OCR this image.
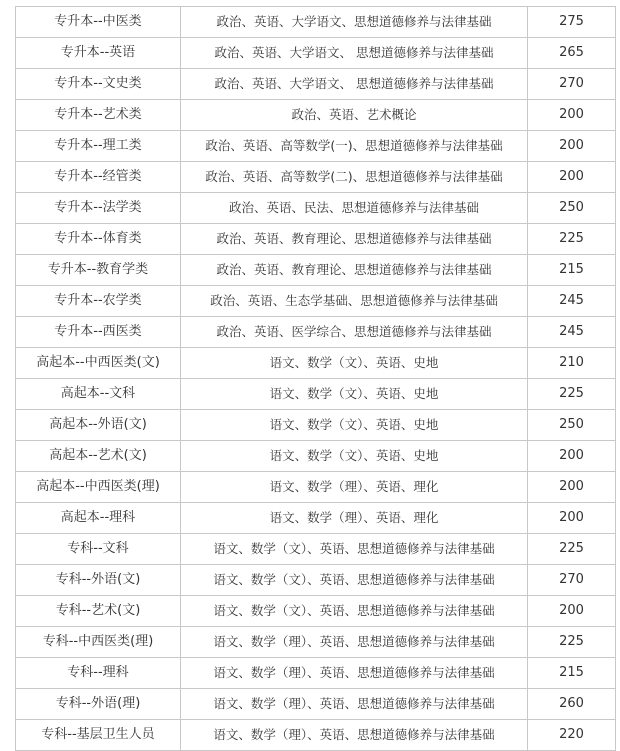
专升本--中医类	政治、英语、大学语文、思想道德修养与法律基础	275
专升本--英语	政治、英语、大学语文、 思想道德修养与法律基础	265
专升本--文史类	政治、英语、大学语文、 思想道德修养与法律基础	270
专升本--艺术类	政治、英语、艺术概论	200
专升本--理工类	政治、英语、高等数学(一)、思想道德修养与法律基础	200
专升本--经管类	政治、英语、高等数学(二)、思想道德修养与法律基础	200
专升本--法学类	政治、英语、民法、思想道德修养与法律基础	250
专升本--体育类	政治、英语、教育理论、思想道德修养与法律基础	225
专升本--教育学类	政治、英语、教育理论、思想道德修养与法律基础	215
专升本--农学类	政治、英语、生态学基础、思想道德修养与法律基础	245
专升本--西医类	政治、英语、医学综合、思想道德修养与法律基础	245
高起本--中西医类(文)	语文、数学（文）、英语、史地	210
高起本--文科	语文、数学（文）、英语、史地	225
高起本--外语(文)	语文、数学（文）、英语、史地	250
高起本--艺术(文)	语文、数学（文）、英语、史地	200
高起本--中西医类(理)	语文、数学（理）、英语、理化	200
高起本--理科	语文、数学（理）、英语、理化	200
专科--文科	语文、数学（文）、英语、思想道德修养与法律基础	225
专科--外语(文)	语文、数学（文）、英语、思想道德修养与法律基础	270
专科--艺术(文)	语文、数学（文）、英语、思想道德修养与法律基础	200
专科--中西医类(理)	语文、数学（理）、英语、思想道德修养与法律基础	225
专科--理科	语文、数学（理）、英语、思想道德修养与法律基础	215
专科--外语(理)	语文、数学（理）、英语、思想道德修养与法律基础	260
专科--基层卫生人员	语文、数学（理）、英语、思想道德修养与法律基础	220
